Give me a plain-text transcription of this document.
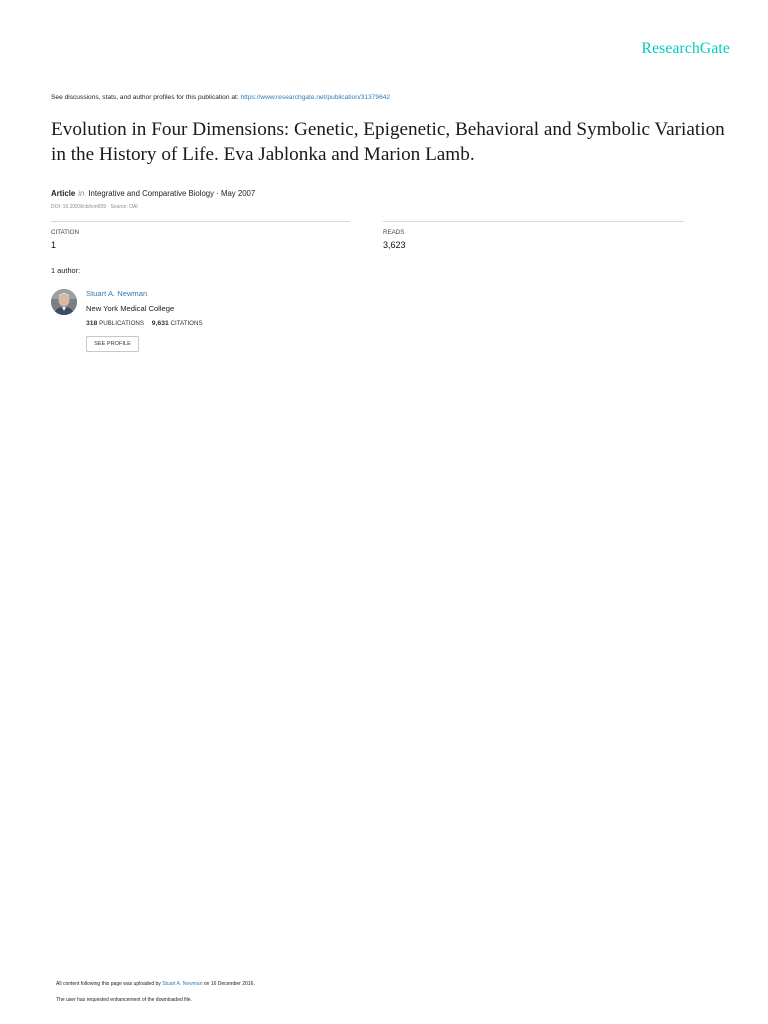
ResearchGate
See discussions, stats, and author profiles for this publication at: https://www.researchgate.net/publication/31379642
Evolution in Four Dimensions: Genetic, Epigenetic, Behavioral and Symbolic Variation in the History of Life. Eva Jablonka and Marion Lamb.
Article in Integrative and Comparative Biology · May 2007
DOI: 10.1093/icb/icm009 · Source: OAI
CITATION
1
READS
3,623
1 author:
Stuart A. Newman
New York Medical College
318 PUBLICATIONS 9,631 CITATIONS
SEE PROFILE
All content following this page was uploaded by Stuart A. Newman on 16 December 2016.
The user has requested enhancement of the downloaded file.
